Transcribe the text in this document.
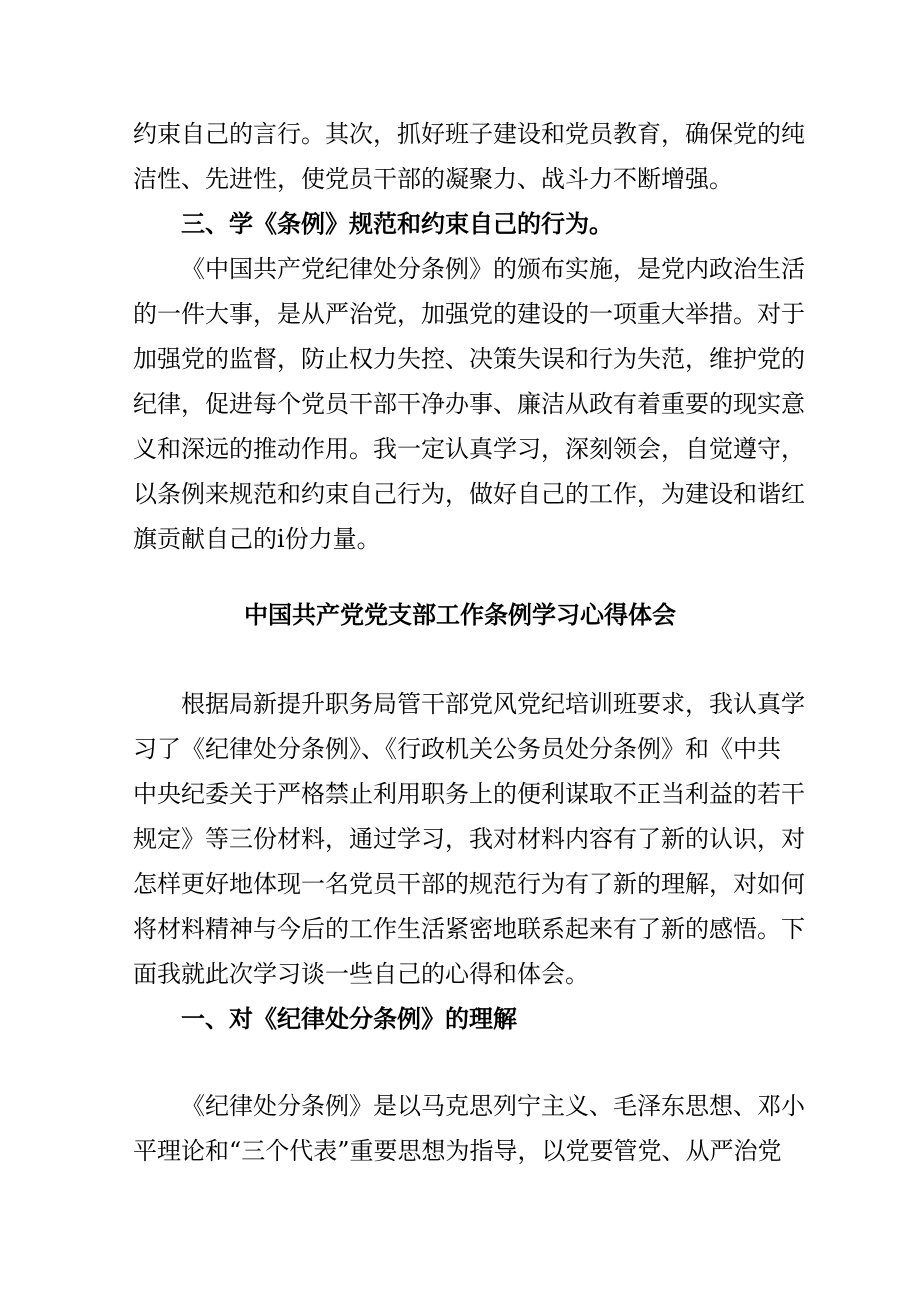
约束自己的言行。其次，抓好班子建设和党员教育，确保党的纯
洁性、先进性，使党员干部的凝聚力、战斗力不断增强。
三、学《条例》规范和约束自己的行为。
《中国共产党纪律处分条例》的颁布实施，是党内政治生活
的一件大事，是从严治党，加强党的建设的一项重大举措。对于
加强党的监督，防止权力失控、决策失误和行为失范，维护党的
纪律，促进每个党员干部干净办事、廉洁从政有着重要的现实意
义和深远的推动作用。我一定认真学习，深刻领会，自觉遵守，
以条例来规范和约束自己行为，做好自己的工作，为建设和谐红
旗贡献自己的i份力量。
中国共产党党支部工作条例学习心得体会
根据局新提升职务局管干部党风党纪培训班要求，我认真学
习了《纪律处分条例》、《行政机关公务员处分条例》和《中共
中央纪委关于严格禁止利用职务上的便利谋取不正当利益的若干
规定》等三份材料，通过学习，我对材料内容有了新的认识，对
怎样更好地体现一名党员干部的规范行为有了新的理解，对如何
将材料精神与今后的工作生活紧密地联系起来有了新的感悟。下
面我就此次学习谈一些自己的心得和体会。
一、对《纪律处分条例》的理解
《纪律处分条例》是以马克思列宁主义、毛泽东思想、邓小
平理论和“三个代表”重要思想为指导，以党要管党、从严治党
